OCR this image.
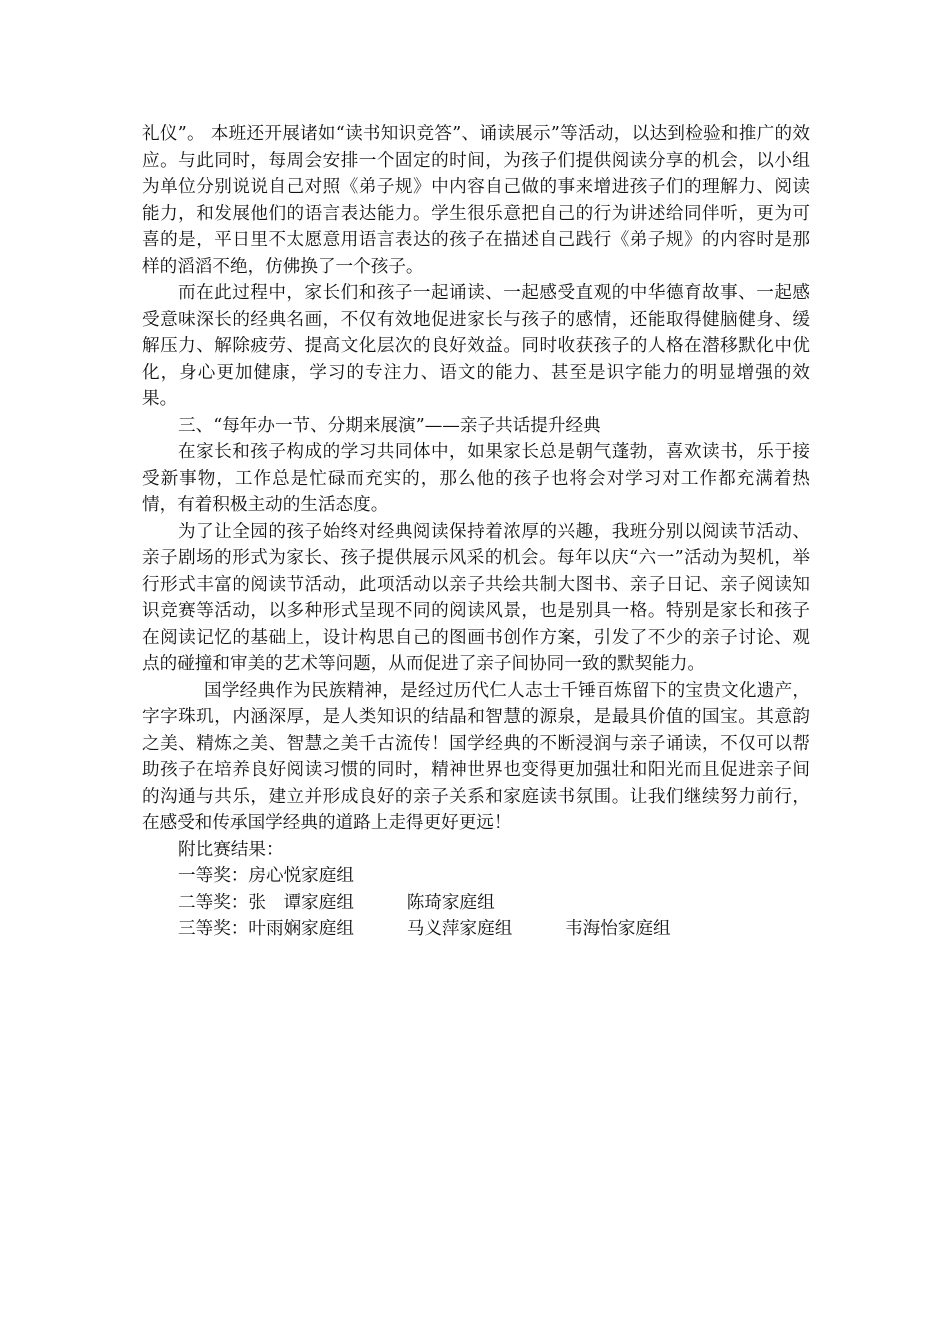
礼仪”。 本班还开展诸如“读书知识竞答”、诵读展示”等活动，以达到检验和推广的效应。与此同时，每周会安排一个固定的时间，为孩子们提供阅读分享的机会，以小组为单位分别说说自己对照《弟子规》中内容自己做的事来增进孩子们的理解力、阅读能力，和发展他们的语言表达能力。学生很乐意把自己的行为讲述给同伴听，更为可喜的是，平日里不太愿意用语言表达的孩子在描述自己践行《弟子规》的内容时是那样的滔滔不绝，仿佛换了一个孩子。

而在此过程中，家长们和孩子一起诵读、一起感受直观的中华德育故事、一起感受意味深长的经典名画，不仅有效地促进家长与孩子的感情，还能取得健脑健身、缓解压力、解除疲劳、提高文化层次的良好效益。同时收获孩子的人格在潜移默化中优化，身心更加健康，学习的专注力、语文的能力、甚至是识字能力的明显增强的效果。

三、“每年办一节、分期来展演”——亲子共话提升经典

在家长和孩子构成的学习共同体中，如果家长总是朝气蓬勃，喜欢读书，乐于接受新事物，工作总是忙碌而充实的，那么他的孩子也将会对学习对工作都充满着热情，有着积极主动的生活态度。

为了让全园的孩子始终对经典阅读保持着浓厚的兴趣，我班分别以阅读节活动、亲子剧场的形式为家长、孩子提供展示风采的机会。每年以庆“六一”活动为契机，举行形式丰富的阅读节活动，此项活动以亲子共绘共制大图书、亲子日记、亲子阅读知识竞赛等活动，以多种形式呈现不同的阅读风景，也是别具一格。特别是家长和孩子在阅读记忆的基础上，设计构思自己的图画书创作方案，引发了不少的亲子讨论、观点的碰撞和审美的艺术等问题，从而促进了亲子间协同一致的默契能力。

国学经典作为民族精神，是经过历代仁人志士千锤百炼留下的宝贵文化遗产，字字珠玑，内涵深厚，是人类知识的结晶和智慧的源泉，是最具价值的国宝。其意韵之美、精炼之美、智慧之美千古流传！国学经典的不断浸润与亲子诵读，不仅可以帮助孩子在培养良好阅读习惯的同时，精神世界也变得更加强壮和阳光而且促进亲子间的沟通与共乐，建立并形成良好的亲子关系和家庭读书氛围。让我们继续努力前行，在感受和传承国学经典的道路上走得更好更远！

附比赛结果：

一等奖：房心悦家庭组

二等奖：张　谭家庭组　　　陈琦家庭组

三等奖：叶雨娴家庭组　　　马义萍家庭组　　　韦海怡家庭组
